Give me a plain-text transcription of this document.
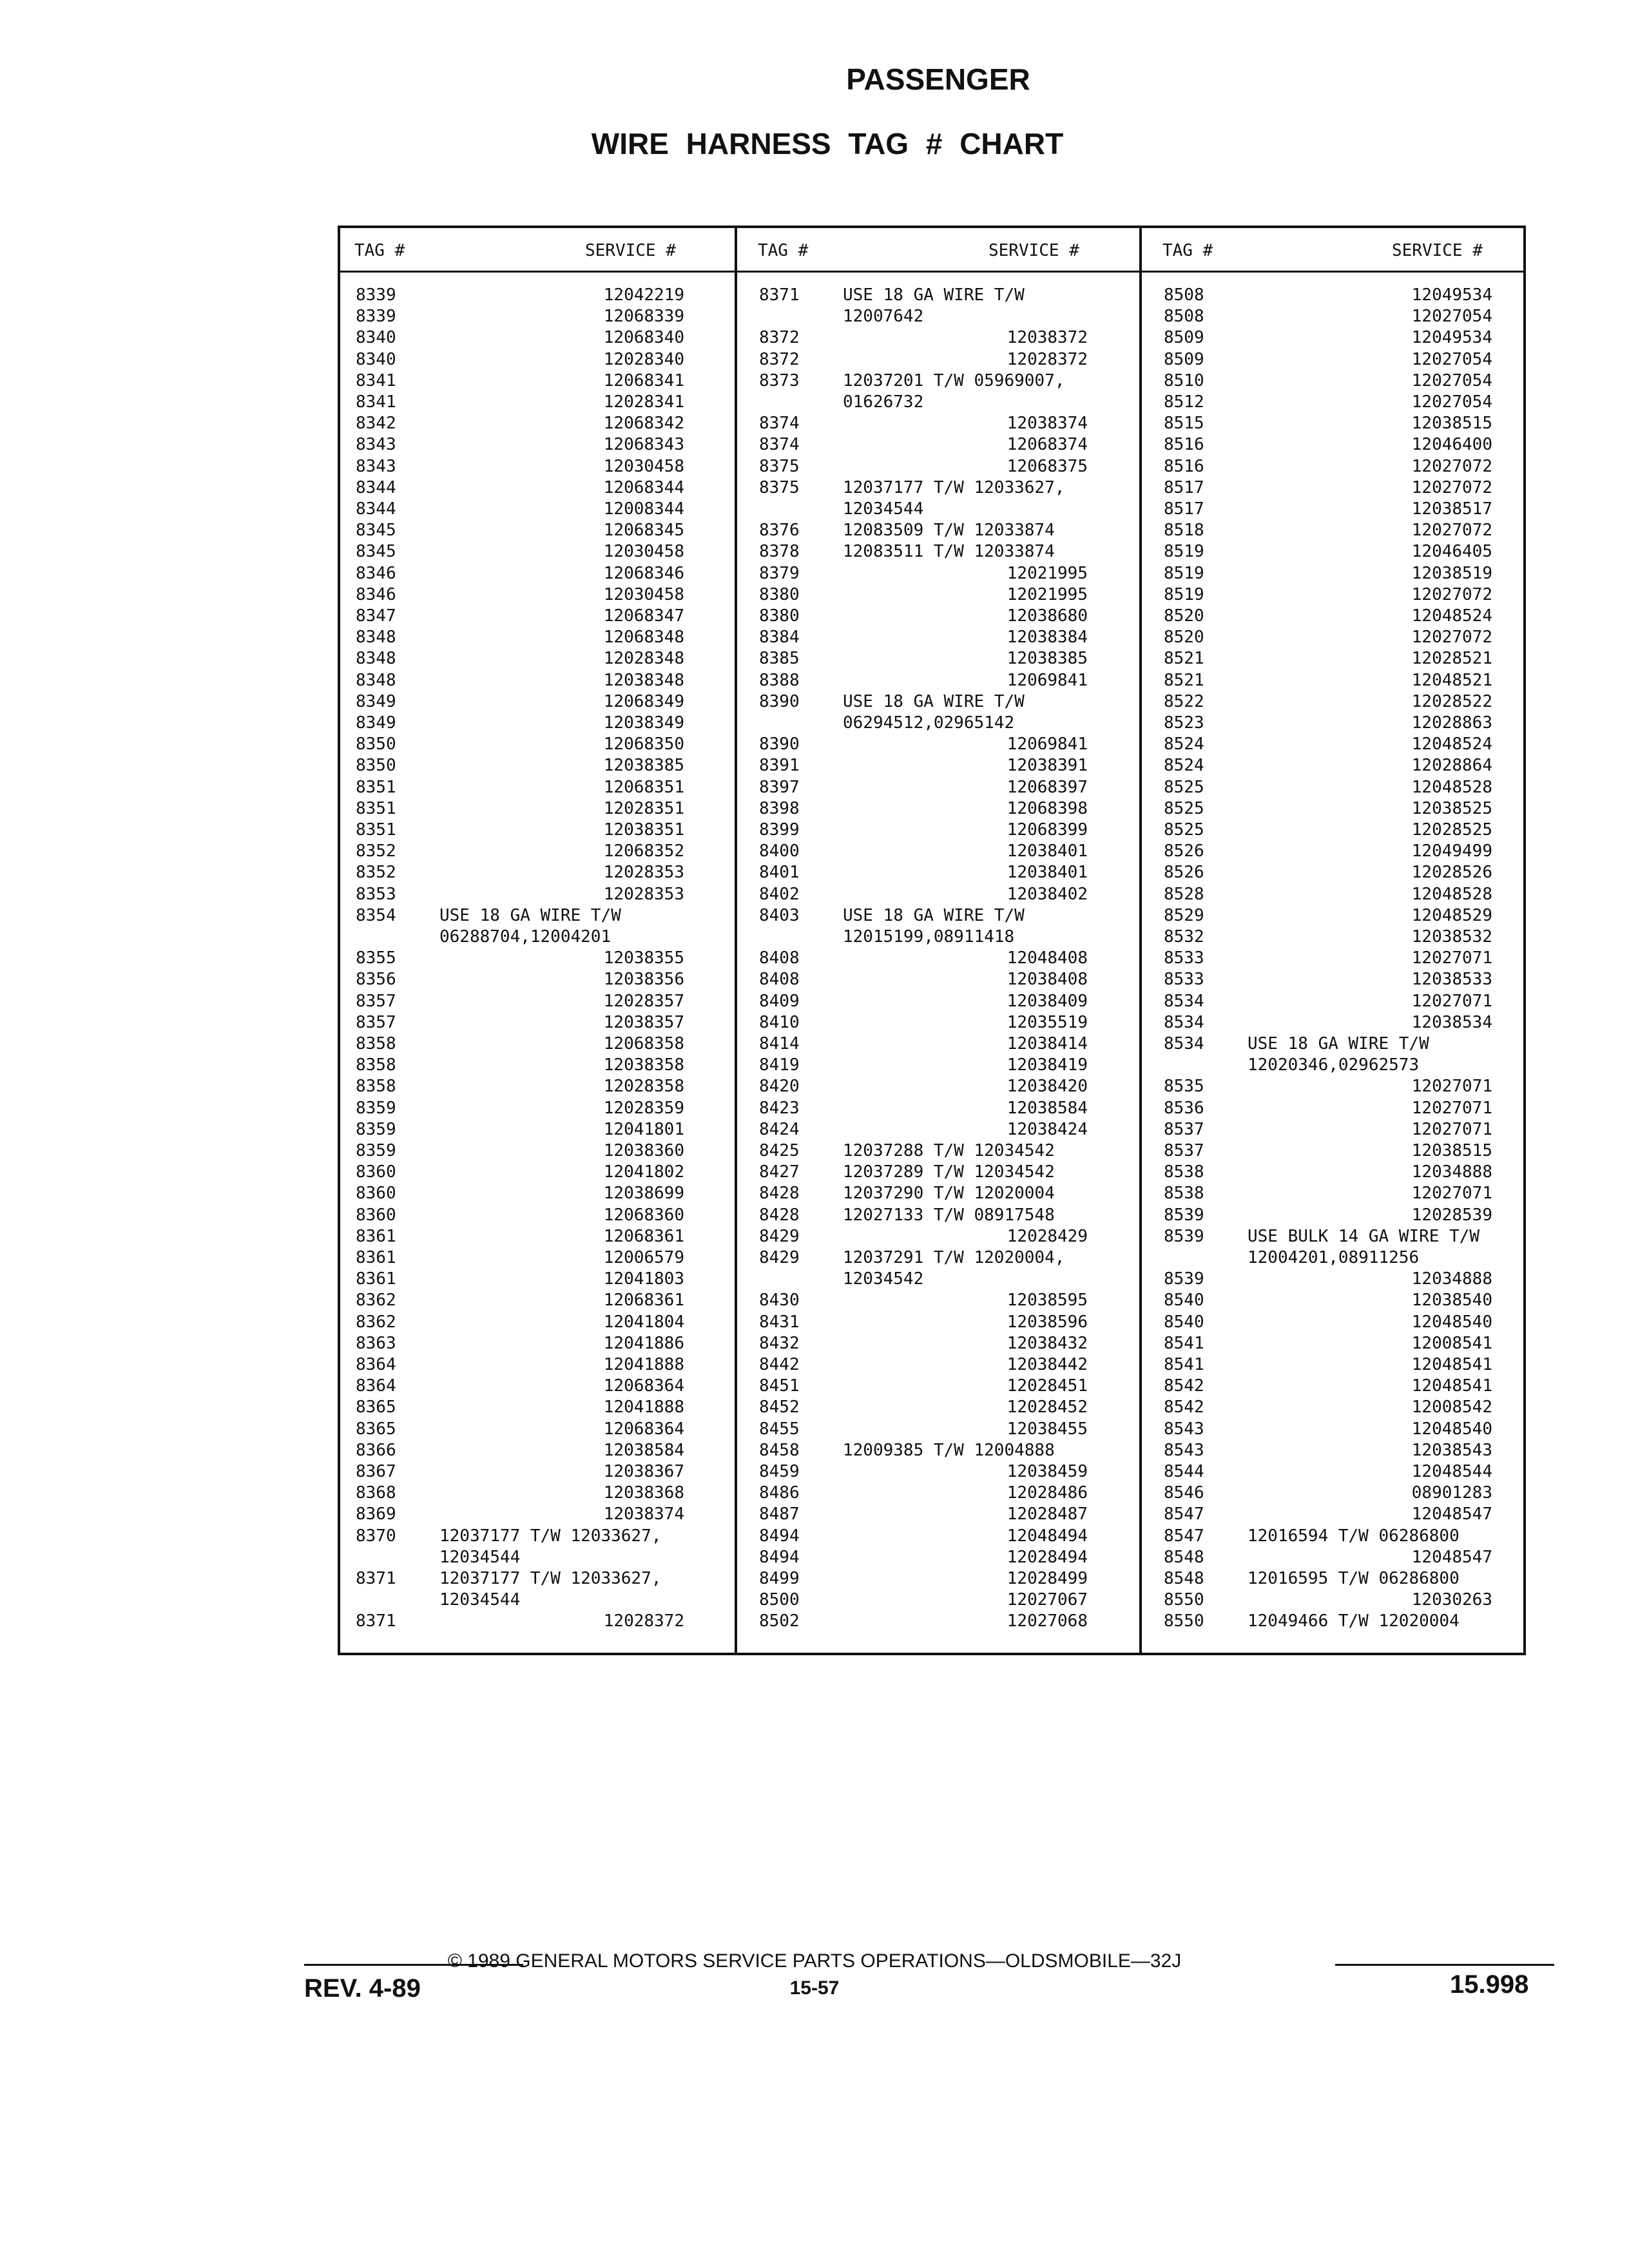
PASSENGER
WIRE HARNESS TAG # CHART
TAG #	SERVICE #	TAG #	SERVICE #	TAG #	SERVICE #
8339	12042219
8339	12068339
8340	12068340
8340	12028340
8341	12068341
8341	12028341
8342	12068342
8343	12068343
8343	12030458
8344	12068344
8344	12008344
8345	12068345
8345	12030458
8346	12068346
8346	12030458
8347	12068347
8348	12068348
8348	12028348
8348	12038348
8349	12068349
8349	12038349
8350	12068350
8350	12038385
8351	12068351
8351	12028351
8351	12038351
8352	12068352
8352	12028353
8353	12028353
8354	USE 18 GA WIRE T/W
06288704,12004201
8355	12038355
8356	12038356
8357	12028357
8357	12038357
8358	12068358
8358	12038358
8358	12028358
8359	12028359
8359	12041801
8359	12038360
8360	12041802
8360	12038699
8360	12068360
8361	12068361
8361	12006579
8361	12041803
8362	12068361
8362	12041804
8363	12041886
8364	12041888
8364	12068364
8365	12041888
8365	12068364
8366	12038584
8367	12038367
8368	12038368
8369	12038374
8370	12037177 T/W 12033627,
12034544
8371	12037177 T/W 12033627,
12034544
8371	12028372
8371	USE 18 GA WIRE T/W
12007642
8372	12038372
8372	12028372
8373	12037201 T/W 05969007,
01626732
8374	12038374
8374	12068374
8375	12068375
8375	12037177 T/W 12033627,
12034544
8376	12083509 T/W 12033874
8378	12083511 T/W 12033874
8379	12021995
8380	12021995
8380	12038680
8384	12038384
8385	12038385
8388	12069841
8390	USE 18 GA WIRE T/W
06294512,02965142
8390	12069841
8391	12038391
8397	12068397
8398	12068398
8399	12068399
8400	12038401
8401	12038401
8402	12038402
8403	USE 18 GA WIRE T/W
12015199,08911418
8408	12048408
8408	12038408
8409	12038409
8410	12035519
8414	12038414
8419	12038419
8420	12038420
8423	12038584
8424	12038424
8425	12037288 T/W 12034542
8427	12037289 T/W 12034542
8428	12037290 T/W 12020004
8428	12027133 T/W 08917548
8429	12028429
8429	12037291 T/W 12020004,
12034542
8430	12038595
8431	12038596
8432	12038432
8442	12038442
8451	12028451
8452	12028452
8455	12038455
8458	12009385 T/W 12004888
8459	12038459
8486	12028486
8487	12028487
8494	12048494
8494	12028494
8499	12028499
8500	12027067
8502	12027068
8508	12049534
8508	12027054
8509	12049534
8509	12027054
8510	12027054
8512	12027054
8515	12038515
8516	12046400
8516	12027072
8517	12027072
8517	12038517
8518	12027072
8519	12046405
8519	12038519
8519	12027072
8520	12048524
8520	12027072
8521	12028521
8521	12048521
8522	12028522
8523	12028863
8524	12048524
8524	12028864
8525	12048528
8525	12038525
8525	12028525
8526	12049499
8526	12028526
8528	12048528
8529	12048529
8532	12038532
8533	12027071
8533	12038533
8534	12027071
8534	12038534
8534	USE 18 GA WIRE T/W
12020346,02962573
8535	12027071
8536	12027071
8537	12027071
8537	12038515
8538	12034888
8538	12027071
8539	12028539
8539	USE BULK 14 GA WIRE T/W
12004201,08911256
8539	12034888
8540	12038540
8540	12048540
8541	12008541
8541	12048541
8542	12048541
8542	12008542
8543	12048540
8543	12038543
8544	12048544
8546	08901283
8547	12048547
8547	12016594 T/W 06286800
8548	12048547
8548	12016595 T/W 06286800
8550	12030263
8550	12049466 T/W 12020004
© 1989 GENERAL MOTORS SERVICE PARTS OPERATIONS—OLDSMOBILE—32J
15-57
REV. 4-89	15.998
